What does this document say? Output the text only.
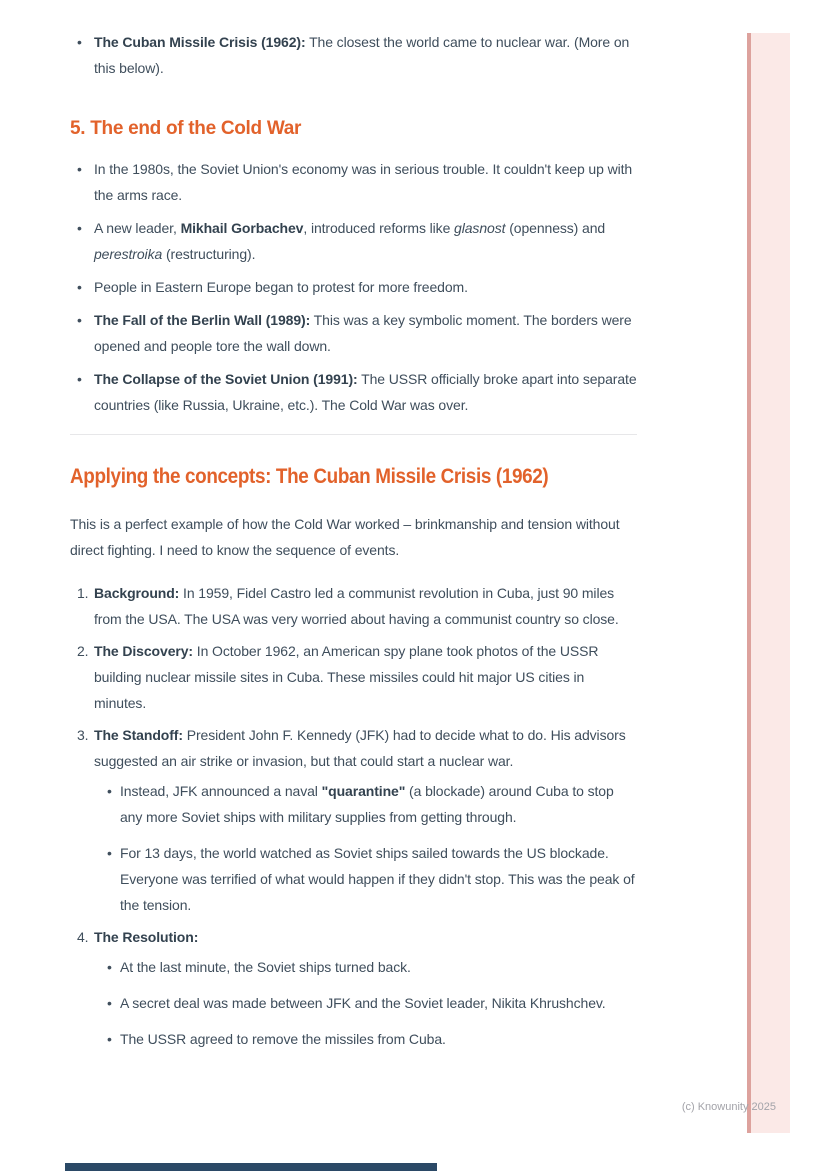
• The Cuban Missile Crisis (1962): The closest the world came to nuclear war. (More on this below).
5. The end of the Cold War
• In the 1980s, the Soviet Union's economy was in serious trouble. It couldn't keep up with the arms race.
• A new leader, Mikhail Gorbachev, introduced reforms like glasnost (openness) and perestroika (restructuring).
• People in Eastern Europe began to protest for more freedom.
• The Fall of the Berlin Wall (1989): This was a key symbolic moment. The borders were opened and people tore the wall down.
• The Collapse of the Soviet Union (1991): The USSR officially broke apart into separate countries (like Russia, Ukraine, etc.). The Cold War was over.
Applying the concepts: The Cuban Missile Crisis (1962)

This is a perfect example of how the Cold War worked – brinkmanship and tension without direct fighting. I need to know the sequence of events.

1. Background: In 1959, Fidel Castro led a communist revolution in Cuba, just 90 miles from the USA. The USA was very worried about having a communist country so close.
2. The Discovery: In October 1962, an American spy plane took photos of the USSR building nuclear missile sites in Cuba. These missiles could hit major US cities in minutes.
3. The Standoff: President John F. Kennedy (JFK) had to decide what to do. His advisors suggested an air strike or invasion, but that could start a nuclear war.
• Instead, JFK announced a naval "quarantine" (a blockade) around Cuba to stop any more Soviet ships with military supplies from getting through.
• For 13 days, the world watched as Soviet ships sailed towards the US blockade. Everyone was terrified of what would happen if they didn't stop. This was the peak of the tension.
4. The Resolution:
• At the last minute, the Soviet ships turned back.
• A secret deal was made between JFK and the Soviet leader, Nikita Khrushchev.
• The USSR agreed to remove the missiles from Cuba.
(c) Knowunity 2025
